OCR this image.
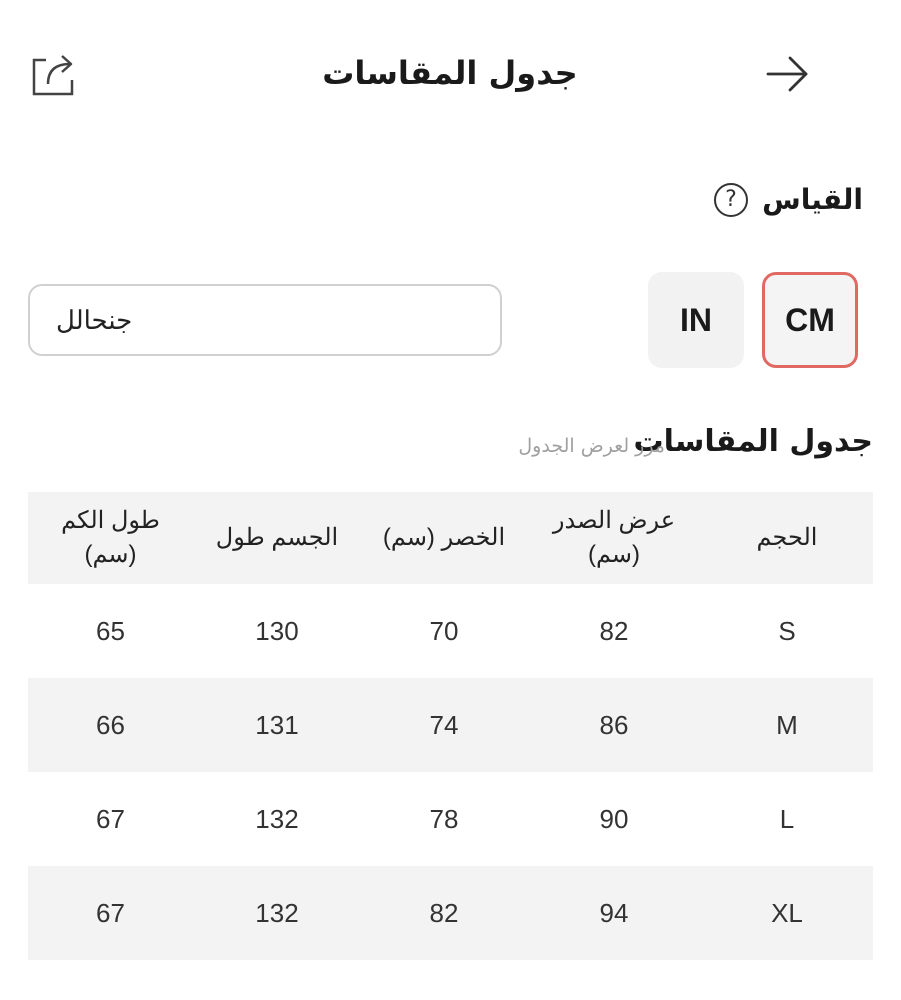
جدول المقاسات
القياس
?
جنحالل
IN	CM
جدول المقاسات
مرر لعرض الجدول
طول الكم (سم)	الجسم طول	الخصر (سم)	عرض الصدر (سم)	الحجم
65	130	70	82	S
66	131	74	86	M
67	132	78	90	L
67	132	82	94	XL
